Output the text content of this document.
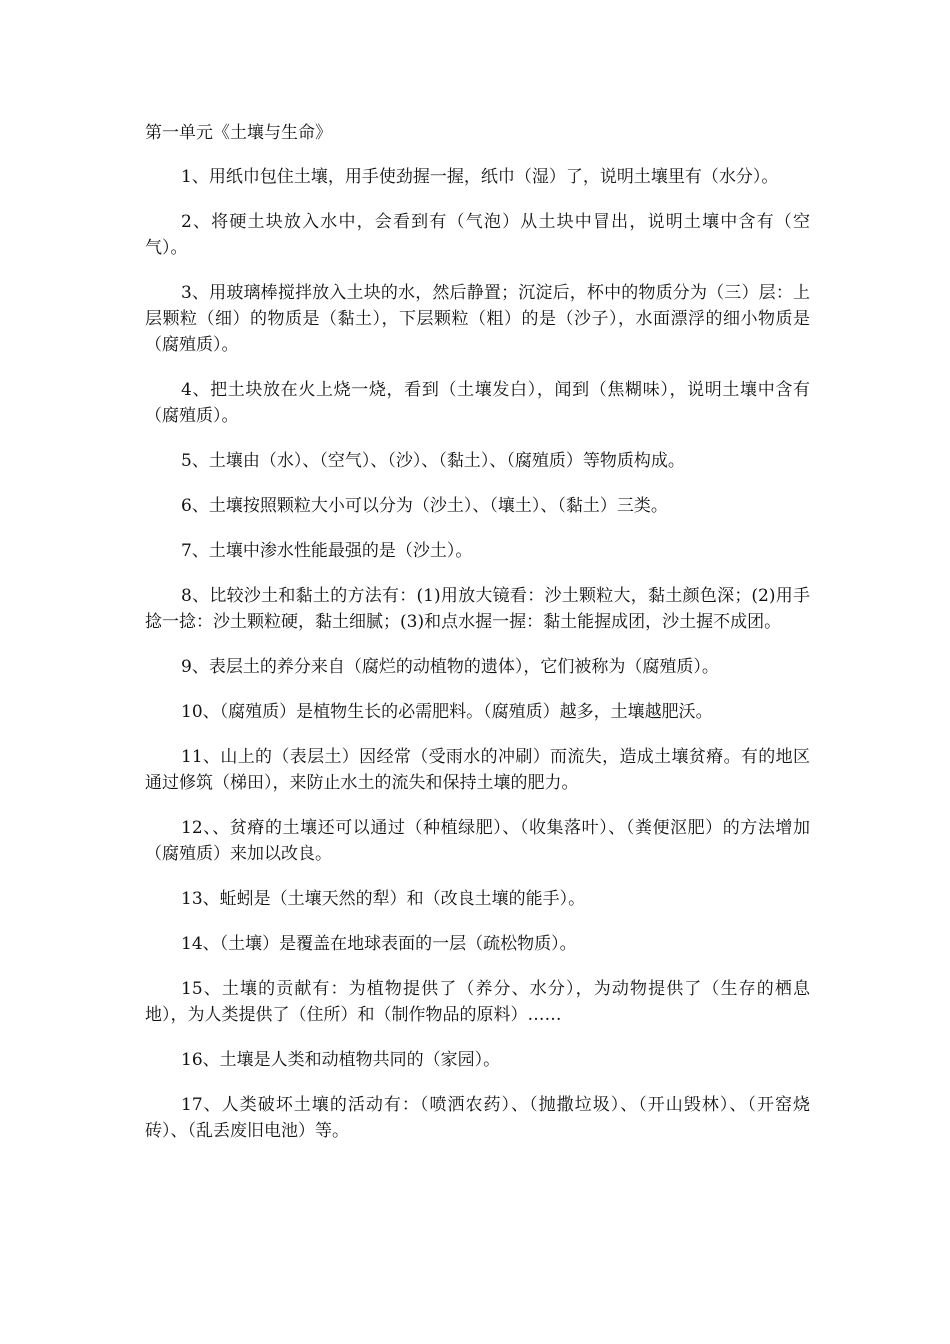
第一单元《土壤与生命》

1、用纸巾包住土壤，用手使劲握一握，纸巾（湿）了，说明土壤里有（水分）。

2、将硬土块放入水中，会看到有（气泡）从土块中冒出，说明土壤中含有（空气）。

3、用玻璃棒搅拌放入土块的水，然后静置；沉淀后，杯中的物质分为（三）层：上层颗粒（细）的物质是（黏土），下层颗粒（粗）的是（沙子），水面漂浮的细小物质是（腐殖质）。

4、把土块放在火上烧一烧，看到（土壤发白），闻到（焦糊味），说明土壤中含有（腐殖质）。

5、土壤由（水）、（空气）、（沙）、（黏土）、（腐殖质）等物质构成。

6、土壤按照颗粒大小可以分为（沙土）、（壤土）、（黏土）三类。

7、土壤中渗水性能最强的是（沙土）。

8、比较沙土和黏土的方法有：(1)用放大镜看：沙土颗粒大，黏土颜色深；(2)用手捻一捻：沙土颗粒硬，黏土细腻；(3)和点水握一握：黏土能握成团，沙土握不成团。

9、表层土的养分来自（腐烂的动植物的遗体），它们被称为（腐殖质）。

10、（腐殖质）是植物生长的必需肥料。（腐殖质）越多，土壤越肥沃。

11、山上的（表层土）因经常（受雨水的冲刷）而流失，造成土壤贫瘠。有的地区通过修筑（梯田），来防止水土的流失和保持土壤的肥力。

12、、贫瘠的土壤还可以通过（种植绿肥）、（收集落叶）、（粪便沤肥）的方法增加（腐殖质）来加以改良。

13、蚯蚓是（土壤天然的犁）和（改良土壤的能手）。

14、（土壤）是覆盖在地球表面的一层（疏松物质）。

15、土壤的贡献有：为植物提供了（养分、水分），为动物提供了（生存的栖息地），为人类提供了（住所）和（制作物品的原料）……

16、土壤是人类和动植物共同的（家园）。

17、人类破坏土壤的活动有：（喷洒农药）、（抛撒垃圾）、（开山毁林）、（开窑烧砖）、（乱丢废旧电池）等。
